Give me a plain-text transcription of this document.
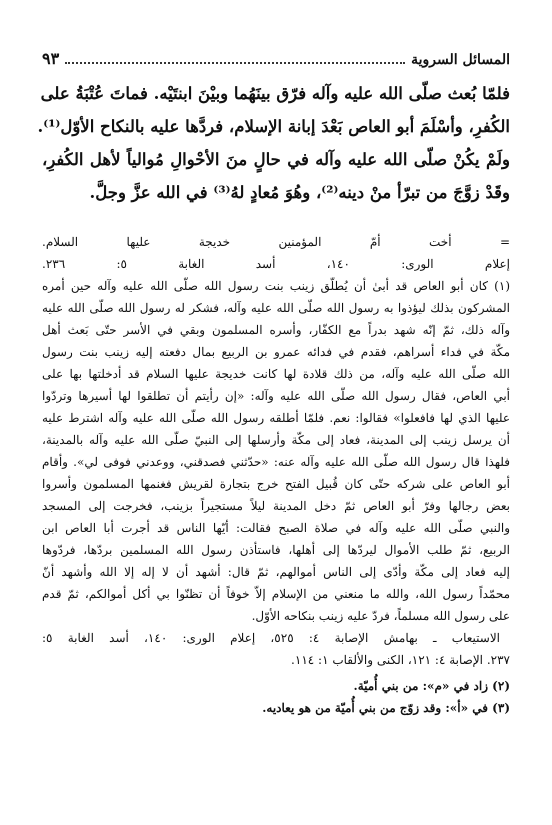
المسائل السروية
٩٣
فلمّا بُعث صلّى الله عليه وآله فرّق بينَهُما وبيْنَ ابنتَيْه. فماتَ عُتْبَةُ على
الكُفرِ، وأسْلَمَ أبو العاص بَعْدَ إبانة الإسلام، فردَّها عليه بالنكاح الأوّل⁽¹⁾.
ولَمْ يكُنْ صلّى الله عليه وآله في حالٍ منَ الأحْوالِ مُوالياً لأهل الكُفرِ،
وقَدْ زوَّجَ من تبرّأ منْ دينه⁽²⁾، وهُوَ مُعادٍ لهُ⁽³⁾ في الله عزَّ وجلَّ.
= أخت أمّ المؤمنين خديجة عليها السلام.
إعلام الورى: ١٤٠، أسد الغابة ٥: ٢٣٦.
(١) كان أبو العاص قد أبىٰ أن يُطلّق زينب بنت رسول الله صلّى الله عليه وآله حين أمره
المشركون بذلك ليؤذوا به رسول الله صلّى الله عليه وآله، فشكر له رسول الله صلّى الله عليه
وآله ذلك، ثمّ إنّه شهد بدراً مع الكفّار، وأسره المسلمون وبقي في الأسر حتّى بَعث أهل
مكّة في فداء أسراهم، فقدم في فدائه عمرو بن الربيع بمال دفعته إليه زينب بنت رسول
الله صلّى الله عليه وآله، من ذلك قلادة لها كانت خديجة عليها السلام قد أدخلتها بها على
أبي العاص، فقال رسول الله صلّى الله عليه وآله: «إن رأيتم أن تطلقوا لها أسيرها وتردّوا
عليها الذي لها فافعلوا» فقالوا: نعم. فلمّا أطلقه رسول الله صلّى الله عليه وآله اشترط عليه
أن يرسل زينب إلى المدينة، فعاد إلى مكّة وأرسلها إلى النبيّ صلّى الله عليه وآله بالمدينة،
فلهذا قال رسول الله صلّى الله عليه وآله عنه: «حدّثني فصدقني، ووعدني فوفى لي». وأقام
أبو العاص على شركه حتّى كان قُبيل الفتح خرج بتجارة لقريش فغنمها المسلمون وأسروا
بعض رجالها وفرّ أبو العاص ثمّ دخل المدينة ليلاً مستجيراً بزينب، فخرجت إلى المسجد
والنبي صلّى الله عليه وآله في صلاة الصبح فقالت: أيّها الناس قد أجرت أبا العاص ابن
الربيع، ثمّ طلب الأموال ليردّها إلى أهلها، فاستأذن رسول الله المسلمين بردّها، فردّوها
إليه فعاد إلى مكّة وأدّى إلى الناس أموالهم، ثمّ قال: أشهد أن لا إله إلا الله وأشهد أنّ
محمّداً رسول الله، والله ما منعني من الإسلام إلاّ خوفاً أن تظنّوا بي أكل أموالكم، ثمّ قدم
على رسول الله مسلماً، فردّ عليه زينب بنكاحه الأوّل.
الاستيعاب ـ بهامش الإصابة ٤: ٥٢٥، إعلام الورى: ١٤٠، أسد الغابة ٥:
٢٣٧. الإصابة ٤: ١٢١، الكنى والألقاب ١: ١١٤.
(٢) زاد في «م»: من بني أُميّة.
(٣) في «أ»: وقد زوّج من بني أُميّة من هو يعاديه.
